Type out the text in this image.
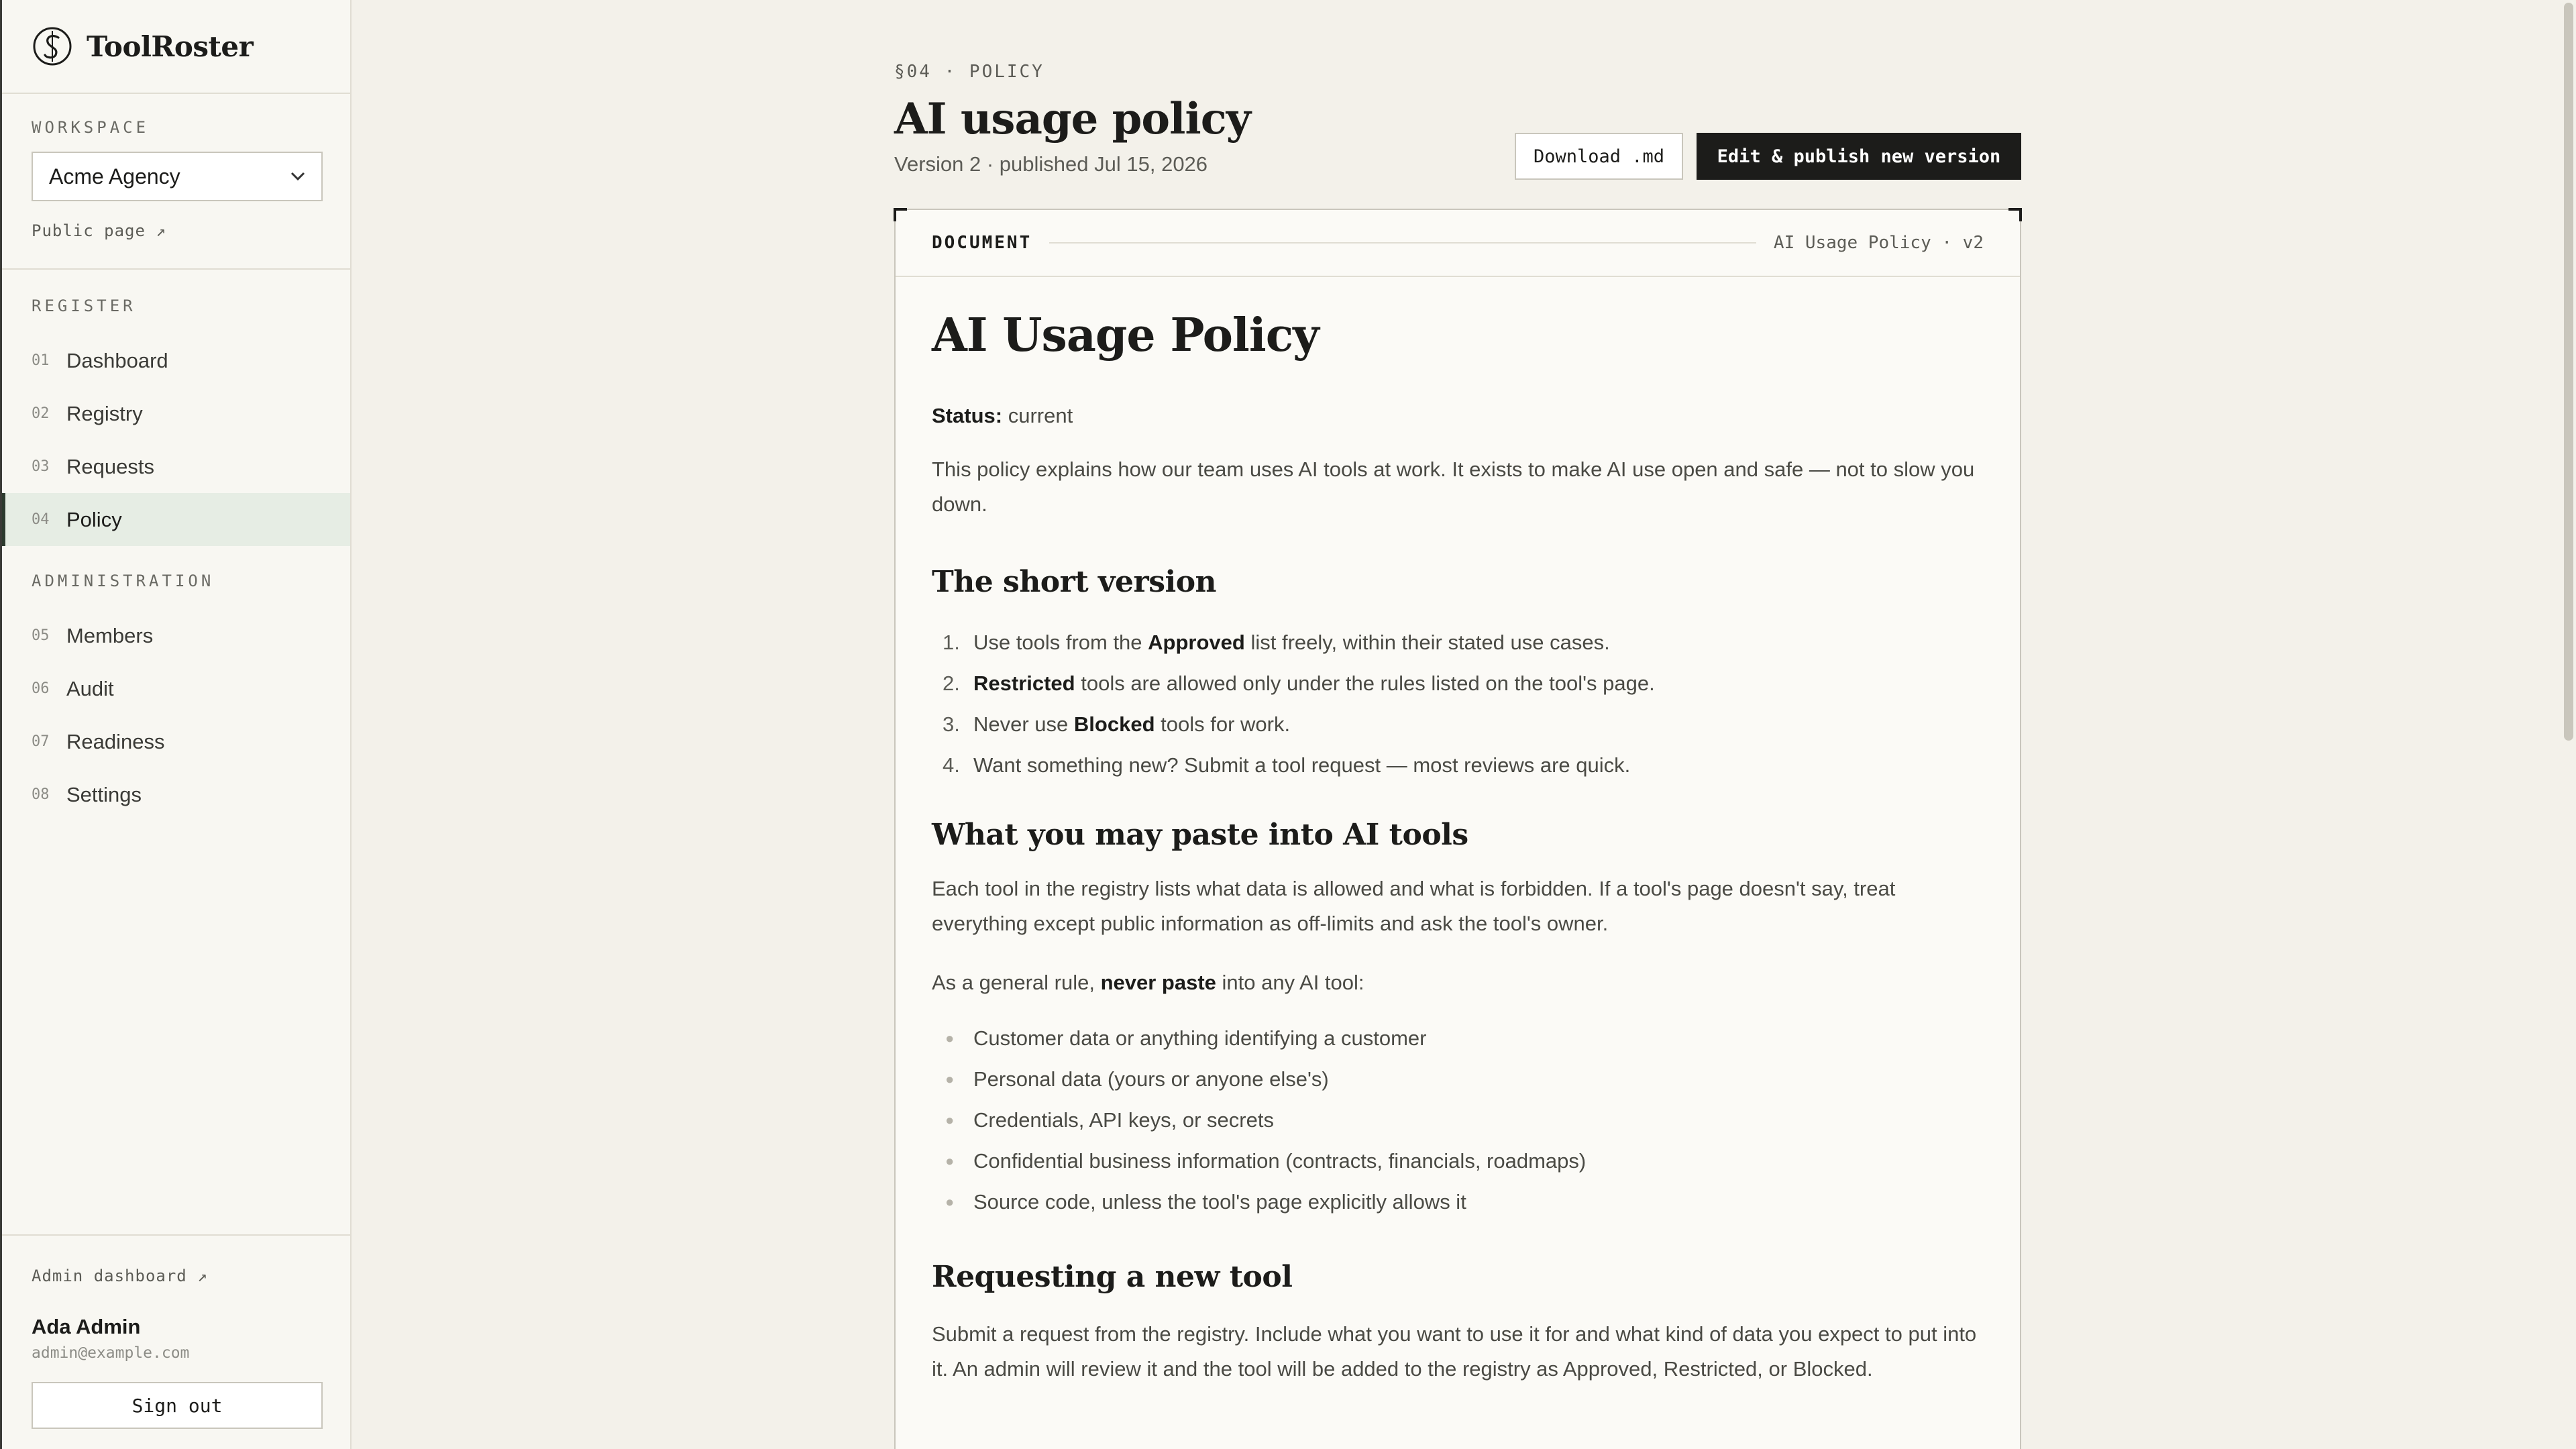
ToolRoster
WORKSPACE
Acme Agency
Public page ↗
REGISTER
01 Dashboard
02 Registry
03 Requests
04 Policy
ADMINISTRATION
05 Members
06 Audit
07 Readiness
08 Settings
Admin dashboard ↗
Ada Admin
admin@example.com
Sign out
§04 · POLICY
AI usage policy
Version 2 · published Jul 15, 2026	Download .md	Edit & publish new version
DOCUMENT	AI Usage Policy · v2
AI Usage Policy

Status: current

This policy explains how our team uses AI tools at work. It exists to make AI use open and safe — not to slow you down.

The short version
1. Use tools from the Approved list freely, within their stated use cases.
2. Restricted tools are allowed only under the rules listed on the tool's page.
3. Never use Blocked tools for work.
4. Want something new? Submit a tool request — most reviews are quick.
What you may paste into AI tools

Each tool in the registry lists what data is allowed and what is forbidden. If a tool's page doesn't say, treat everything except public information as off-limits and ask the tool's owner.

As a general rule, never paste into any AI tool:

● Customer data or anything identifying a customer
● Personal data (yours or anyone else's)
● Credentials, API keys, or secrets
● Confidential business information (contracts, financials, roadmaps)
● Source code, unless the tool's page explicitly allows it
Requesting a new tool

Submit a request from the registry. Include what you want to use it for and what kind of data you expect to put into it. An admin will review it and the tool will be added to the registry as Approved, Restricted, or Blocked.
